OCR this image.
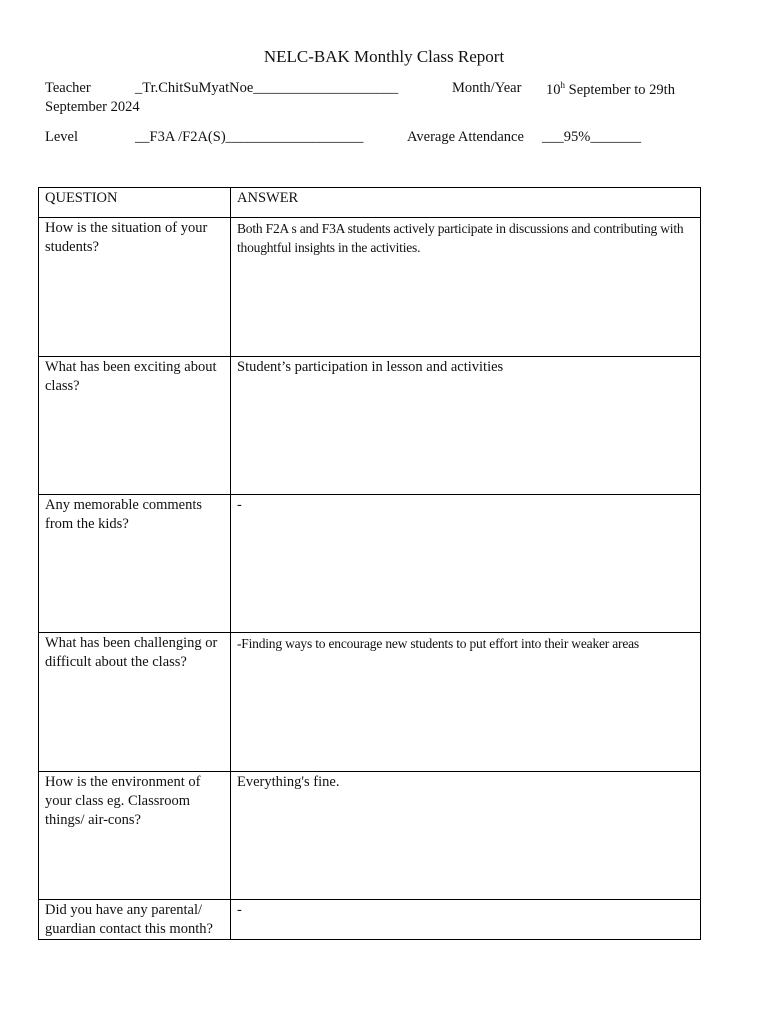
NELC-BAK Monthly Class Report
Teacher	_Tr.ChitSuMyatNoe____________________	Month/Year 10$^h$ September to 29th
September 2024
Level	__F3A /F2A(S)___________________	Average Attendance ___95%_______
QUESTION	ANSWER
How is the situation of your students?	Both F2A s and F3A students actively participate in discussions and contributing with thoughtful insights in the activities.
What has been exciting about class?	Student’s participation in lesson and activities
Any memorable comments from the kids?	-
What has been challenging or difficult about the class?	-Finding ways to encourage new students to put effort into their weaker areas
How is the environment of your class eg. Classroom things/ air-cons?	Everything's fine.
Did you have any parental/ guardian contact this month?	-
